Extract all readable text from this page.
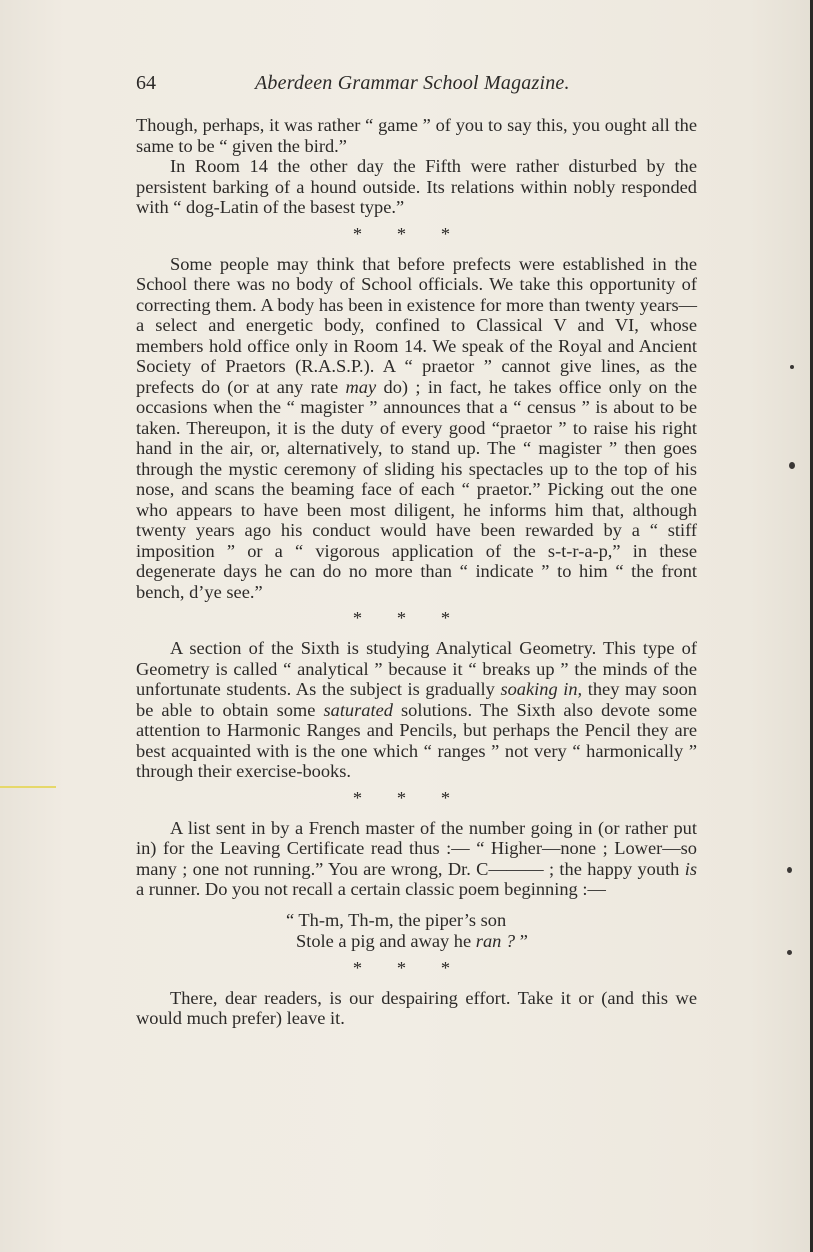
64	Aberdeen Grammar School Magazine.

Though, perhaps, it was rather “ game ” of you to say this, you ought all the same to be “ given the bird.”

In Room 14 the other day the Fifth were rather disturbed by the persistent barking of a hound outside. Its relations within nobly responded with “ dog-Latin of the basest type.”

* * *

Some people may think that before prefects were established in the School there was no body of School officials. We take this opportunity of correcting them. A body has been in existence for more than twenty years—a select and energetic body, confined to Classical V and VI, whose members hold office only in Room 14. We speak of the Royal and Ancient Society of Praetors (R.A.S.P.). A “ praetor ” cannot give lines, as the prefects do (or at any rate may do) ; in fact, he takes office only on the occasions when the “ magister ” announces that a “ census ” is about to be taken. Thereupon, it is the duty of every good “praetor ” to raise his right hand in the air, or, alternatively, to stand up. The “ magister ” then goes through the mystic ceremony of sliding his spectacles up to the top of his nose, and scans the beaming face of each “ praetor.” Picking out the one who appears to have been most diligent, he informs him that, although twenty years ago his conduct would have been rewarded by a “ stiff imposition ” or a “ vigorous application of the s-t-r-a-p,” in these degenerate days he can do no more than “ indicate ” to him “ the front bench, d’ye see.”

* * *

A section of the Sixth is studying Analytical Geometry. This type of Geometry is called “ analytical ” because it “ breaks up ” the minds of the unfortunate students. As the subject is gradually soaking in, they may soon be able to obtain some saturated solutions. The Sixth also devote some attention to Harmonic Ranges and Pencils, but perhaps the Pencil they are best acquainted with is the one which “ ranges ” not very “ harmonically ” through their exercise-books.

* * *

A list sent in by a French master of the number going in (or rather put in) for the Leaving Certificate read thus :— “ Higher—none ; Lower—so many ; one not running.” You are wrong, Dr. C——— ; the happy youth is a runner. Do you not recall a certain classic poem beginning :—

“ Th-m, Th-m, the piper’s son
Stole a pig and away he ran ? ”
* * *

There, dear readers, is our despairing effort. Take it or (and this we would much prefer) leave it.
